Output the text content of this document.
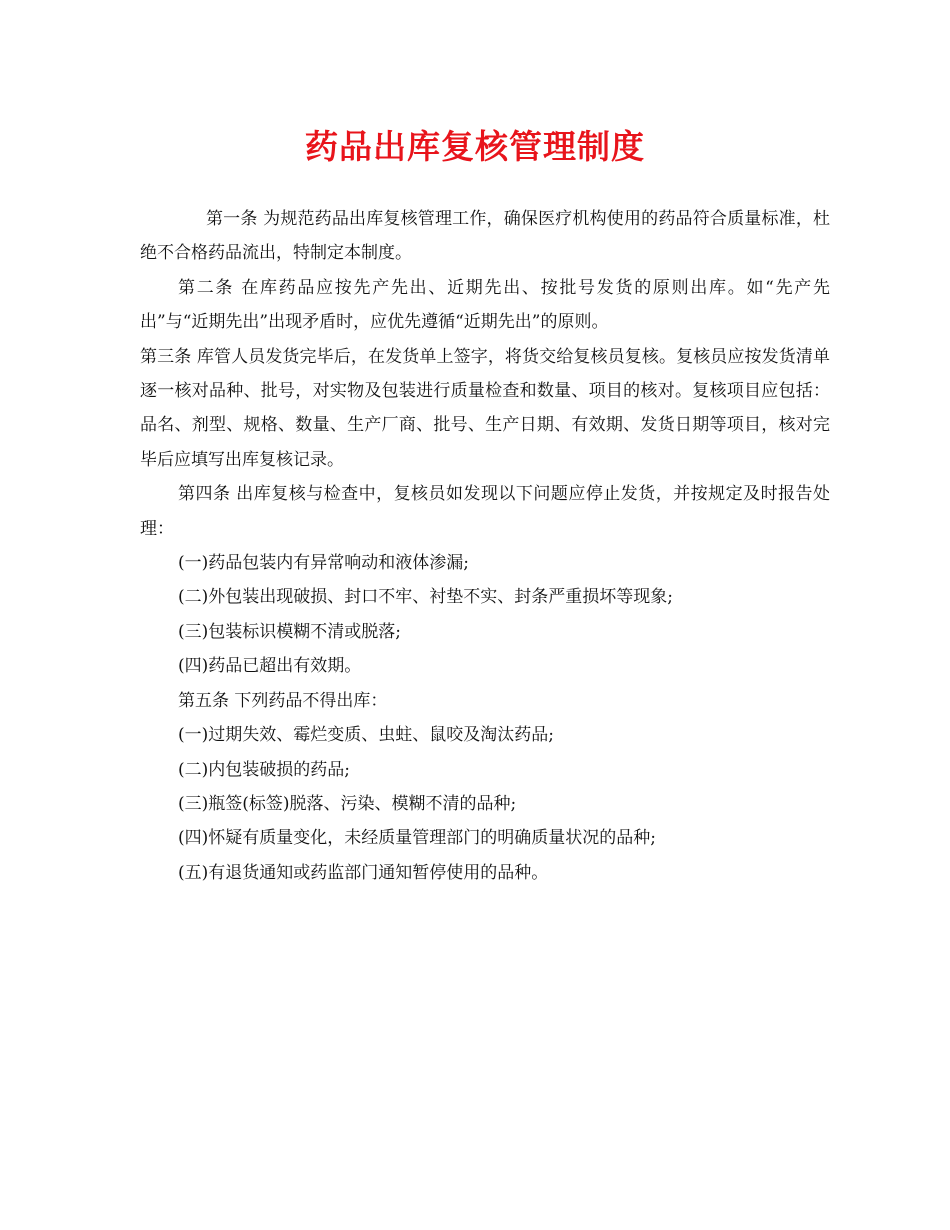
药品出库复核管理制度

第一条 为规范药品出库复核管理工作，确保医疗机构使用的药品符合质量标准，杜绝不合格药品流出，特制定本制度。

第二条 在库药品应按先产先出、近期先出、按批号发货的原则出库。如“先产先出”与“近期先出”出现矛盾时，应优先遵循“近期先出”的原则。

第三条 库管人员发货完毕后，在发货单上签字，将货交给复核员复核。复核员应按发货清单逐一核对品种、批号，对实物及包装进行质量检查和数量、项目的核对。复核项目应包括：品名、剂型、规格、数量、生产厂商、批号、生产日期、有效期、发货日期等项目，核对完毕后应填写出库复核记录。

第四条 出库复核与检查中，复核员如发现以下问题应停止发货，并按规定及时报告处理：

(一)药品包装内有异常响动和液体渗漏;

(二)外包装出现破损、封口不牢、衬垫不实、封条严重损坏等现象;

(三)包装标识模糊不清或脱落;

(四)药品已超出有效期。

第五条 下列药品不得出库：

(一)过期失效、霉烂变质、虫蛀、鼠咬及淘汰药品;

(二)内包装破损的药品;

(三)瓶签(标签)脱落、污染、模糊不清的品种;

(四)怀疑有质量变化，未经质量管理部门的明确质量状况的品种;

(五)有退货通知或药监部门通知暂停使用的品种。
